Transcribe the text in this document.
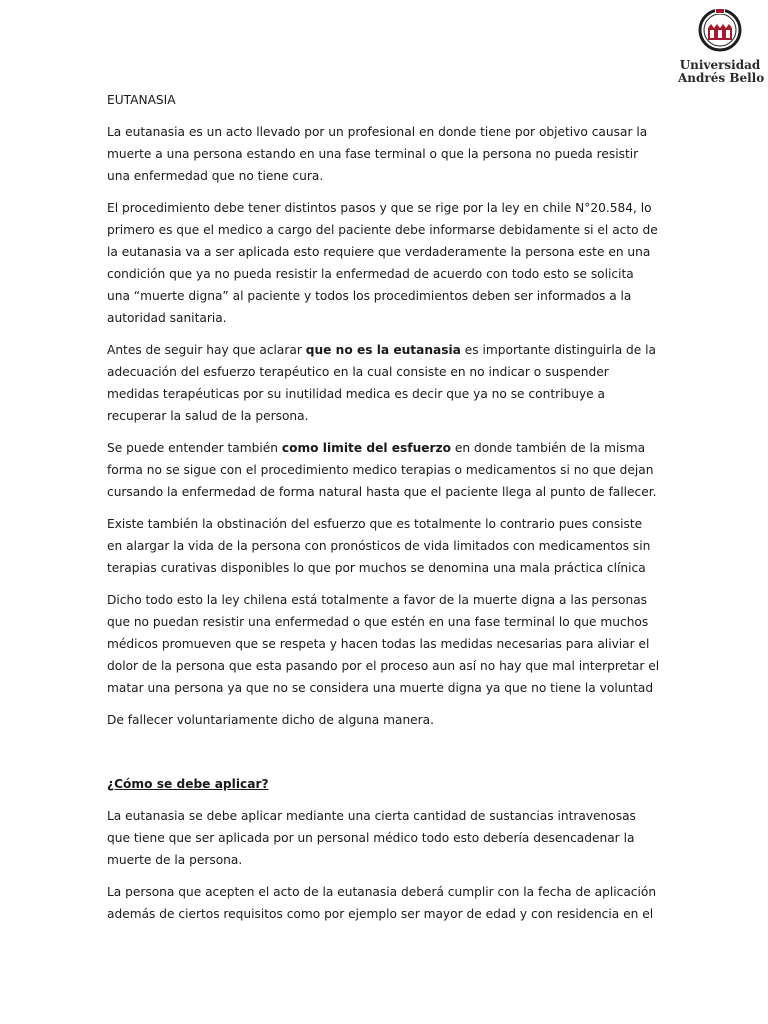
Universidad
Andrés Bello

EUTANASIA

La eutanasia es un acto llevado por un profesional en donde tiene por objetivo causar la muerte a una persona estando en una fase terminal o que la persona no pueda resistir una enfermedad que no tiene cura.

El procedimiento debe tener distintos pasos y que se rige por la ley en chile N°20.584, lo primero es que el medico a cargo del paciente debe informarse debidamente si el acto de la eutanasia va a ser aplicada esto requiere que verdaderamente la persona este en una condición que ya no pueda resistir la enfermedad de acuerdo con todo esto se solicita una “muerte digna” al paciente y todos los procedimientos deben ser informados a la autoridad sanitaria.

Antes de seguir hay que aclarar que no es la eutanasia es importante distinguirla de la adecuación del esfuerzo terapéutico en la cual consiste en no indicar o suspender medidas terapéuticas por su inutilidad medica es decir que ya no se contribuye a recuperar la salud de la persona.

Se puede entender también como limite del esfuerzo en donde también de la misma forma no se sigue con el procedimiento medico terapias o medicamentos si no que dejan cursando la enfermedad de forma natural hasta que el paciente llega al punto de fallecer.

Existe también la obstinación del esfuerzo que es totalmente lo contrario pues consiste en alargar la vida de la persona con pronósticos de vida limitados con medicamentos sin terapias curativas disponibles lo que por muchos se denomina una mala práctica clínica

Dicho todo esto la ley chilena está totalmente a favor de la muerte digna a las personas que no puedan resistir una enfermedad o que estén en una fase terminal lo que muchos médicos promueven que se respeta y hacen todas las medidas necesarias para aliviar el dolor de la persona que esta pasando por el proceso aun así no hay que mal interpretar el matar una persona ya que no se considera una muerte digna ya que no tiene la voluntad

De fallecer voluntariamente dicho de alguna manera.

¿Cómo se debe aplicar?

La eutanasia se debe aplicar mediante una cierta cantidad de sustancias intravenosas que tiene que ser aplicada por un personal médico todo esto debería desencadenar la muerte de la persona.

La persona que acepten el acto de la eutanasia deberá cumplir con la fecha de aplicación además de ciertos requisitos como por ejemplo ser mayor de edad y con residencia en el
